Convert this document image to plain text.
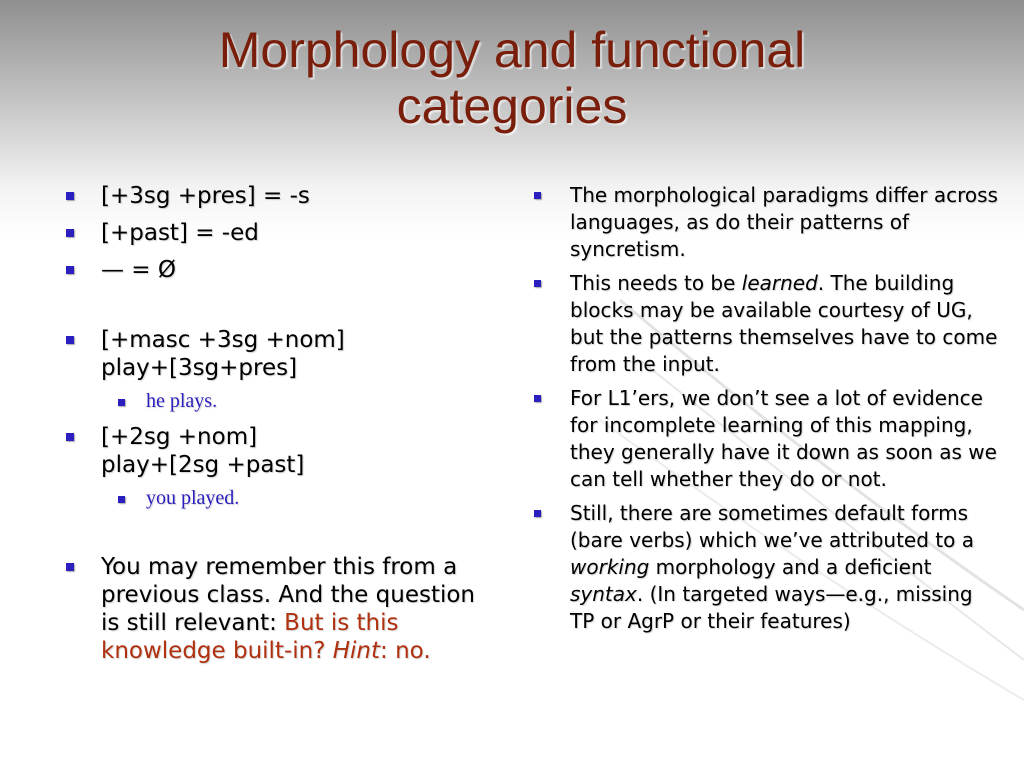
Morphology and functional
categories
[+3sg +pres] = -s
[+past] = -ed
— = Ø
[+masc +3sg +nom]
play+[3sg+pres]
he plays.
[+2sg +nom]
play+[2sg +past]
you played.
You may remember this from a previous class. And the question is still relevant: But is this knowledge built-in? Hint: no.
The morphological paradigms differ across languages, as do their patterns of syncretism.
This needs to be learned. The building blocks may be available courtesy of UG, but the patterns themselves have to come from the input.
For L1’ers, we don’t see a lot of evidence for incomplete learning of this mapping, they generally have it down as soon as we can tell whether they do or not.
Still, there are sometimes default forms (bare verbs) which we’ve attributed to a working morphology and a deficient syntax. (In targeted ways—e.g., missing TP or AgrP or their features)
